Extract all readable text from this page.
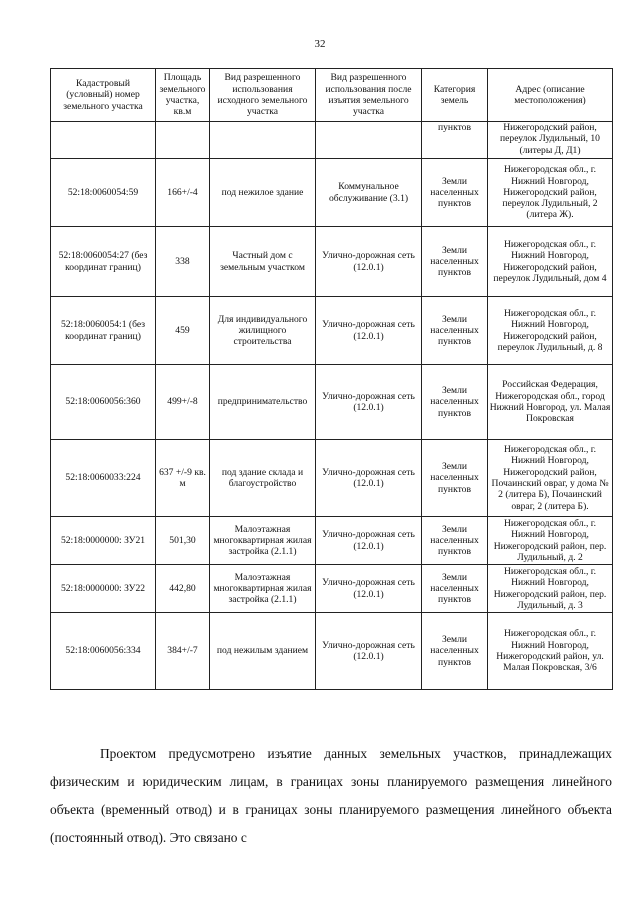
32
Кадастровый (условный) номер земельного участка	Площадь земельного участка, кв.м	Вид разрешенного использования исходного земельного участка	Вид разрешенного использования после изъятия земельного участка	Категория земель	Адрес (описание местоположения)
				пунктов	Нижегородский район, переулок Лудильный, 10 (литеры Д, Д1)
52:18:0060054:59	166+/-4	под нежилое здание	Коммунальное обслуживание (3.1)	Земли населенных пунктов	Нижегородская обл., г. Нижний Новгород, Нижегородский район, переулок Лудильный, 2 (литера Ж).
52:18:0060054:27 (без координат границ)	338	Частный дом с земельным участком	Улично-дорожная сеть (12.0.1)	Земли населенных пунктов	Нижегородская обл., г. Нижний Новгород, Нижегородский район, переулок Лудильный, дом 4
52:18:0060054:1 (без координат границ)	459	Для индивидуального жилищного строительства	Улично-дорожная сеть (12.0.1)	Земли населенных пунктов	Нижегородская обл., г. Нижний Новгород, Нижегородский район, переулок Лудильный, д. 8
52:18:0060056:360	499+/-8	предпринимательство	Улично-дорожная сеть (12.0.1)	Земли населенных пунктов	Российская Федерация, Нижегородская обл., город Нижний Новгород, ул. Малая Покровская
52:18:0060033:224	637 +/-9 кв. м	под здание склада и благоустройство	Улично-дорожная сеть (12.0.1)	Земли населенных пунктов	Нижегородская обл., г. Нижний Новгород, Нижегородский район, Почаинский овраг, у дома № 2 (литера Б), Почаинский овраг, 2 (литера Б).
52:18:0000000: ЗУ21	501,30	Малоэтажная многоквартирная жилая застройка (2.1.1)	Улично-дорожная сеть (12.0.1)	Земли населенных пунктов	Нижегородская обл., г. Нижний Новгород, Нижегородский район, пер. Лудильный, д. 2
52:18:0000000: ЗУ22	442,80	Малоэтажная многоквартирная жилая застройка (2.1.1)	Улично-дорожная сеть (12.0.1)	Земли населенных пунктов	Нижегородская обл., г. Нижний Новгород, Нижегородский район, пер. Лудильный, д. 3
52:18:0060056:334	384+/-7	под нежилым зданием	Улично-дорожная сеть (12.0.1)	Земли населенных пунктов	Нижегородская обл., г. Нижний Новгород, Нижегородский район, ул. Малая Покровская, 3/6

Проектом предусмотрено изъятие данных земельных участков, принадлежащих физическим и юридическим лицам, в границах зоны планируемого размещения линейного объекта (временный отвод) и в границах зоны планируемого размещения линейного объекта (постоянный отвод). Это связано с
